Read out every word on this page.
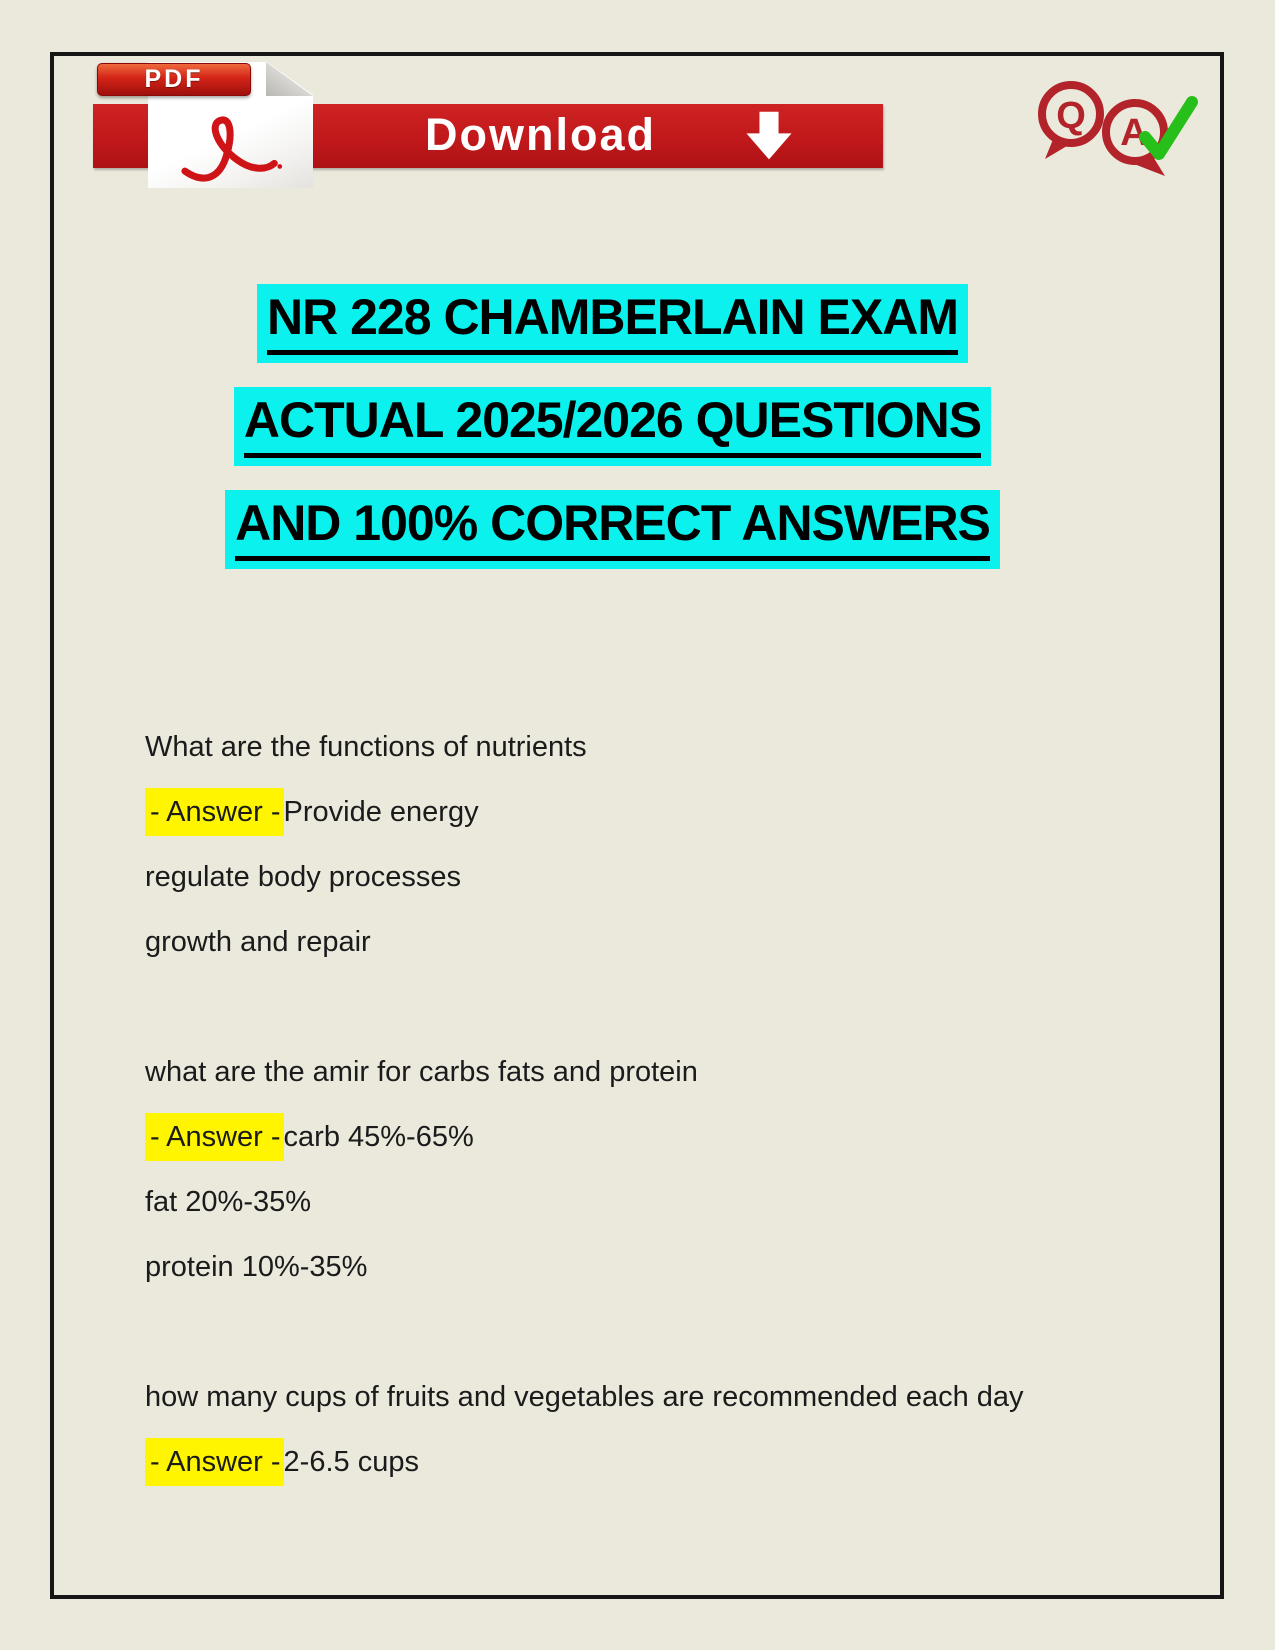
Download
PDF
A
Q
NR 228 CHAMBERLAIN EXAM
ACTUAL 2025/2026 QUESTIONS
AND 100% CORRECT ANSWERS

What are the functions of nutrients

- Answer - Provide energy

regulate body processes

growth and repair

what are the amir for carbs fats and protein

- Answer - carb 45%-65%

fat 20%-35%

protein 10%-35%

how many cups of fruits and vegetables are recommended each day

- Answer - 2-6.5 cups
